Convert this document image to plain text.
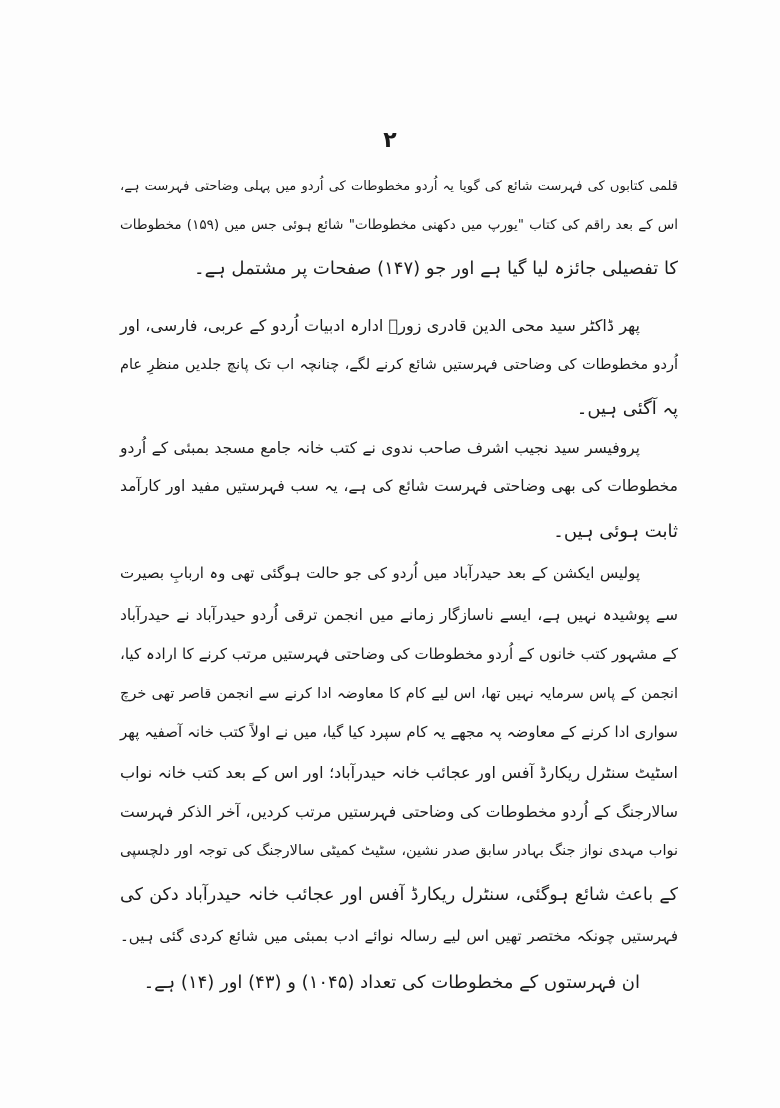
۲
قلمی کتابوں کی فہرست شائع کی گویا یہ اُردو مخطوطات کی اُردو میں پہلی وضاحتی فہرست ہے،
اس کے بعد راقم کی کتاب "یورپ میں دکھنی مخطوطات" شائع ہوئی جس میں (۱۵۹) مخطوطات
کا تفصیلی جائزہ لیا گیا ہے اور جو (۱۴۷) صفحات پر مشتمل ہے۔
پھر ڈاکٹر سید محی الدین قادری زورؔ ادارہ ادبیات اُردو کے عربی، فارسی، اور
اُردو مخطوطات کی وضاحتی فہرستیں شائع کرنے لگے، چنانچہ اب تک پانچ جلدیں منظرِ عام
پہ آگئی ہیں۔
پروفیسر سید نجیب اشرف صاحب ندوی نے کتب خانہ جامع مسجد بمبئی کے اُردو
مخطوطات کی بھی وضاحتی فہرست شائع کی ہے، یہ سب فہرستیں مفید اور کارآمد
ثابت ہوئی ہیں۔
پولیس ایکشن کے بعد حیدرآباد میں اُردو کی جو حالت ہوگئی تھی وہ اربابِ بصیرت
سے پوشیدہ نہیں ہے، ایسے ناسازگار زمانے میں انجمن ترقی اُردو حیدرآباد نے حیدرآباد
کے مشہور کتب خانوں کے اُردو مخطوطات کی وضاحتی فہرستیں مرتب کرنے کا ارادہ کیا،
انجمن کے پاس سرمایہ نہیں تھا، اس لیے کام کا معاوضہ ادا کرنے سے انجمن قاصر تھی خرچ
سواری ادا کرنے کے معاوضہ پہ مجھے یہ کام سپرد کیا گیا، میں نے اولاً کتب خانہ آصفیہ پھر
اسٹیٹ سنٹرل ریکارڈ آفس اور عجائب خانہ حیدرآباد؛ اور اس کے بعد کتب خانہ نواب
سالارجنگ کے اُردو مخطوطات کی وضاحتی فہرستیں مرتب کردیں، آخر الذکر فہرست
نواب مہدی نواز جنگ بہادر سابق صدر نشین، سٹیٹ کمیٹی سالارجنگ کی توجہ اور دلچسپی
کے باعث شائع ہوگئی، سنٹرل ریکارڈ آفس اور عجائب خانہ حیدرآباد دکن کی
فہرستیں چونکہ مختصر تھیں اس لیے رسالہ نوائے ادب بمبئی میں شائع کردی گئی ہیں۔
ان فہرستوں کے مخطوطات کی تعداد (۱۰۴۵) و (۴۳) اور (۱۴) ہے۔
